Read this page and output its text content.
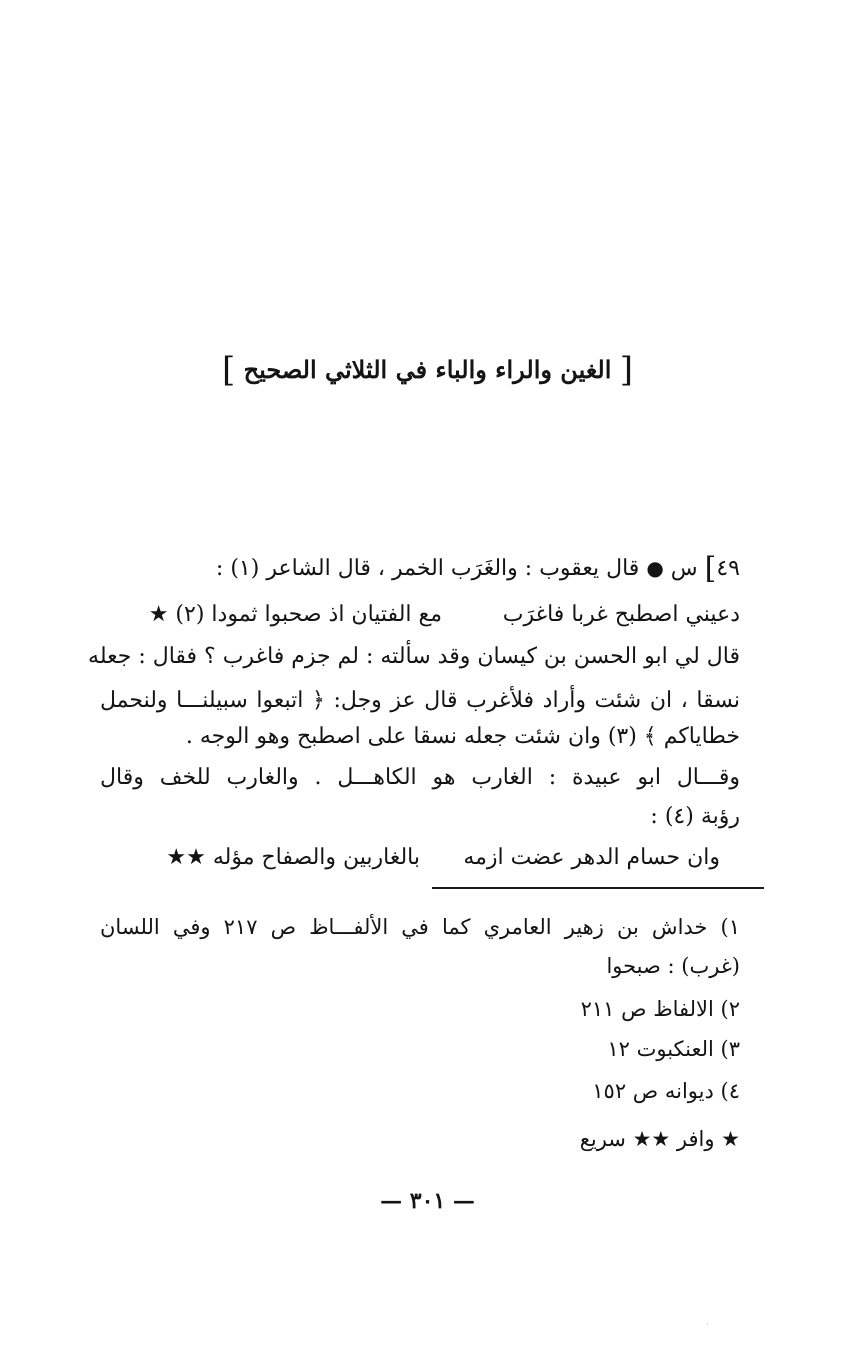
[ الغين والراء والباء في الثلاثي الصحيح ]
٤٩] س ● قال يعقوب : والغَرَب الخمر ، قال الشاعر (١) :
دعيني اصطبح غربا فاغرَب
مع الفتيان اذ صحبوا ثمودا (٢) ★
قال لي ابو الحسن بن كيسان وقد سألته : لم جزم فاغرب ؟ فقال : جعله
نسقا ، ان شئت وأراد فلأغرب قال عز وجل: ﴿ اتبعوا سبيلنـــا ولنحمل
خطاياكم ﴾ (٣) وان شئت جعله نسقا على اصطبح وهو الوجه .
وقـــال ابو عبيدة : الغارب هو الكاهـــل . والغارب للخف وقال
رؤبة (٤) :
وان حسام الدهر عضت ازمه
بالغاربين والصفاح مؤله ★★
١) خداش بن زهير العامري كما في الألفـــاظ ص ٢١٧ وفي اللسان
(غرب) : صبحوا
٢) الالفاظ ص ٢١١
٣) العنكبوت ١٢
٤) ديوانه ص ١٥٢
★ وافر ★★ سريع
— ٣٠١ —
·
